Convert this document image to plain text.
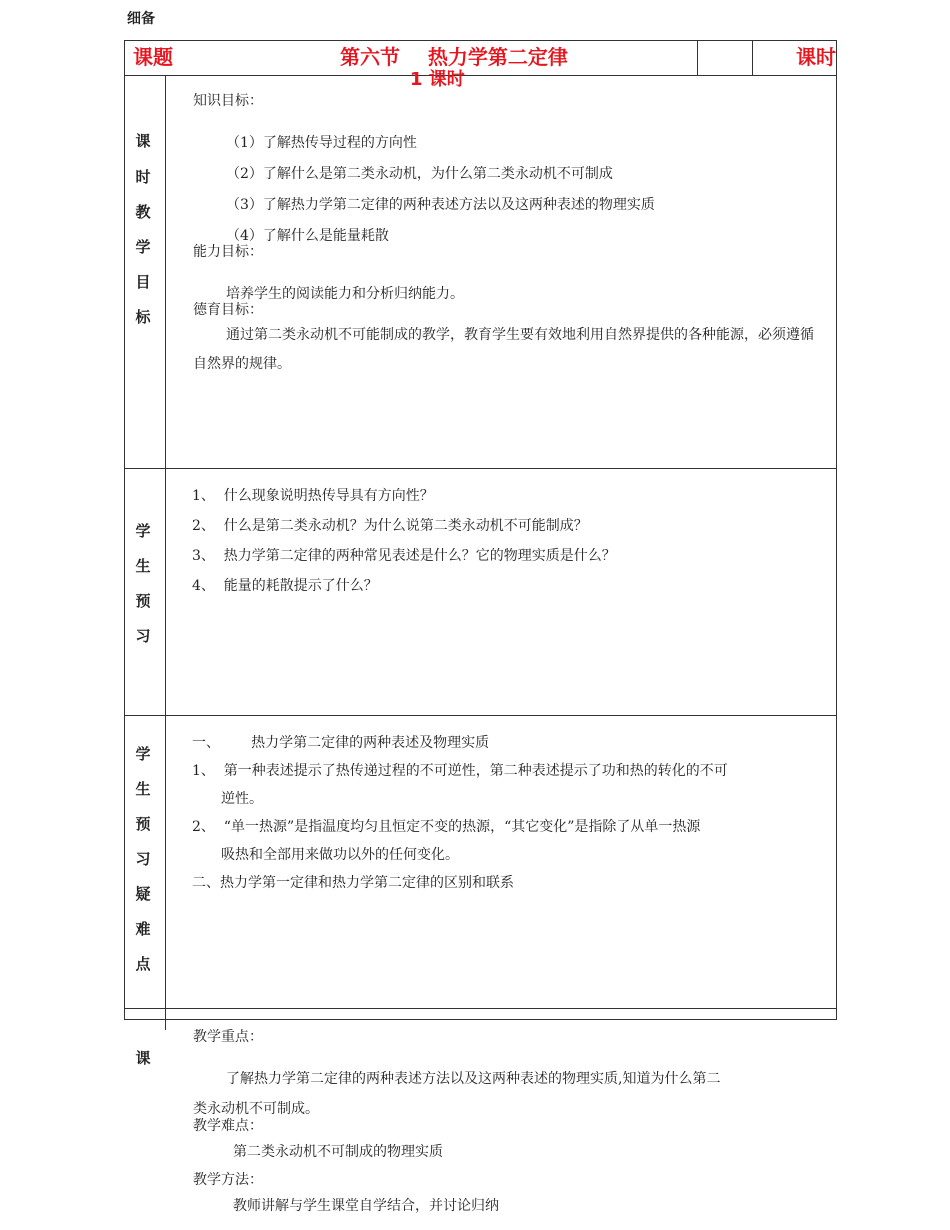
细备
课题	第六节    热力学第二定律	课时
1 课时
课
时
教
学
目
标
知识目标：
（1）了解热传导过程的方向性
（2）了解什么是第二类永动机，为什么第二类永动机不可制成
（3）了解热力学第二定律的两种表述方法以及这两种表述的物理实质
（4）了解什么是能量耗散
能力目标：
培养学生的阅读能力和分析归纳能力。
德育目标：
通过第二类永动机不可能制成的教学，教育学生要有效地利用自然界提供的各种能源，必须遵循自然界的规律。
学
生
预
习
1、  什么现象说明热传导具有方向性？
2、  什么是第二类永动机？为什么说第二类永动机不可能制成？
3、  热力学第二定律的两种常见表述是什么？它的物理实质是什么？
4、  能量的耗散提示了什么？
学
生
预
习
疑
难
点
一、       热力学第二定律的两种表述及物理实质
1、  第一种表述提示了热传递过程的不可逆性，第二种表述提示了功和热的转化的不可
逆性。
2、  “单一热源”是指温度均匀且恒定不变的热源，“其它变化”是指除了从单一热源
吸热和全部用来做功以外的任何变化。
二、热力学第一定律和热力学第二定律的区别和联系
课
教学重点：
了解热力学第二定律的两种表述方法以及这两种表述的物理实质,知道为什么第二
类永动机不可制成。
教学难点：
第二类永动机不可制成的物理实质
教学方法：
教师讲解与学生课堂自学结合，并讨论归纳
